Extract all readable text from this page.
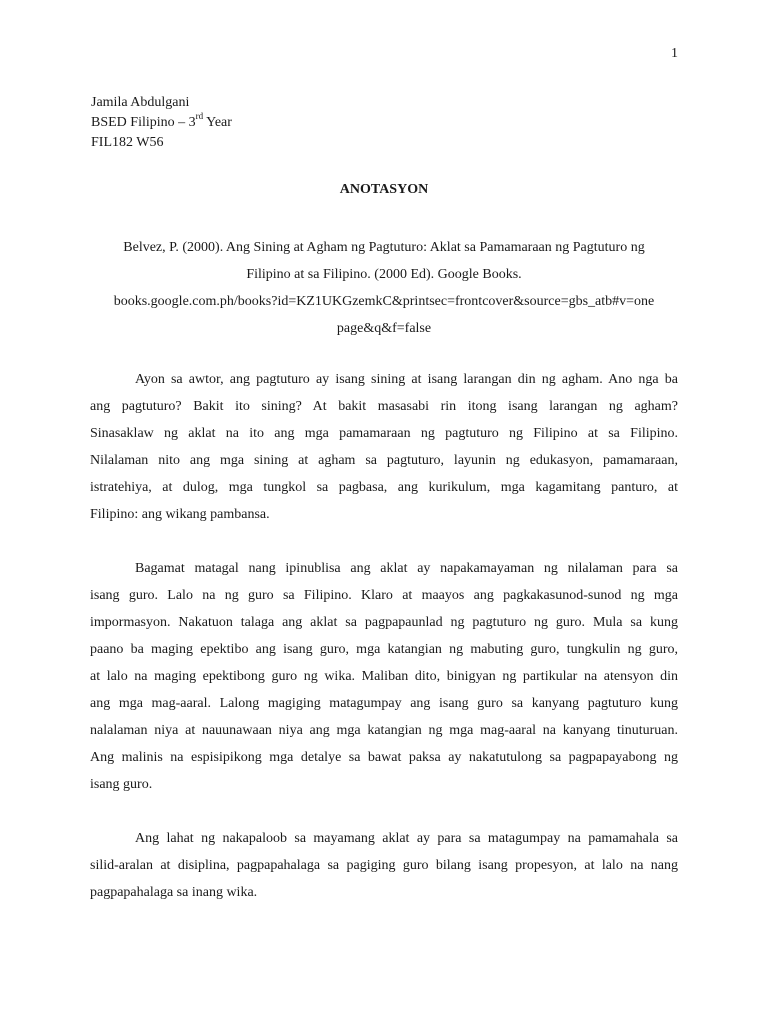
1
Jamila Abdulgani
BSED Filipino – 3rd Year
FIL182 W56
ANOTASYON
Belvez, P. (2000). Ang Sining at Agham ng Pagtuturo: Aklat sa Pamamaraan ng Pagtuturo ng
Filipino at sa Filipino. (2000 Ed). Google Books.
books.google.com.ph/books?id=KZ1UKGzemkC&printsec=frontcover&source=gbs_atb#v=one
page&q&f=false
Ayon sa awtor, ang pagtuturo ay isang sining at isang larangan din ng agham. Ano nga ba
ang pagtuturo? Bakit ito sining? At bakit masasabi rin itong isang larangan ng agham?
Sinasaklaw ng aklat na ito ang mga pamamaraan ng pagtuturo ng Filipino at sa Filipino.
Nilalaman nito ang mga sining at agham sa pagtuturo, layunin ng edukasyon, pamamaraan,
istratehiya, at dulog, mga tungkol sa pagbasa, ang kurikulum, mga kagamitang panturo, at
Filipino: ang wikang pambansa.
Bagamat matagal nang ipinublisa ang aklat ay napakamayaman ng nilalaman para sa
isang guro. Lalo na ng guro sa Filipino. Klaro at maayos ang pagkakasunod-sunod ng mga
impormasyon. Nakatuon talaga ang aklat sa pagpapaunlad ng pagtuturo ng guro. Mula sa kung
paano ba maging epektibo ang isang guro, mga katangian ng mabuting guro, tungkulin ng guro,
at lalo na maging epektibong guro ng wika. Maliban dito, binigyan ng partikular na atensyon din
ang mga mag-aaral. Lalong magiging matagumpay ang isang guro sa kanyang pagtuturo kung
nalalaman niya at nauunawaan niya ang mga katangian ng mga mag-aaral na kanyang tinuturuan.
Ang malinis na espisipikong mga detalye sa bawat paksa ay nakatutulong sa pagpapayabong ng
isang guro.
Ang lahat ng nakapaloob sa mayamang aklat ay para sa matagumpay na pamamahala sa
silid-aralan at disiplina, pagpapahalaga sa pagiging guro bilang isang propesyon, at lalo na nang
pagpapahalaga sa inang wika.
